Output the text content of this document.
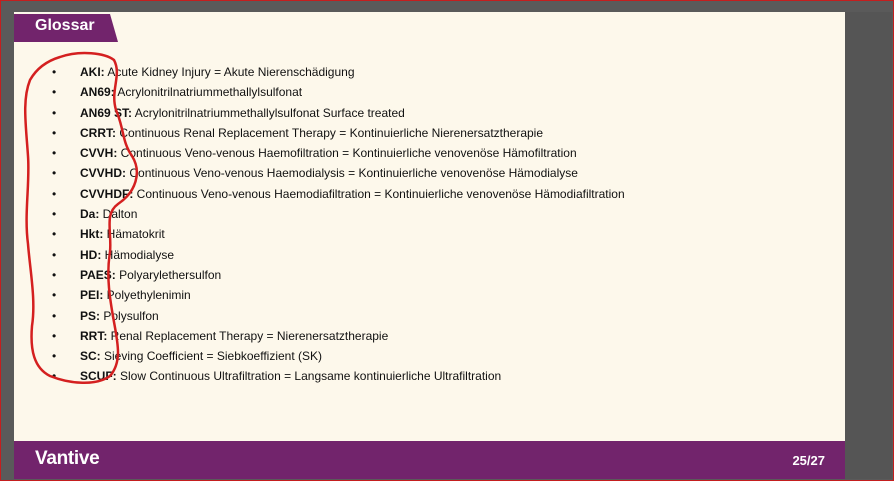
Glossar
• AKI: Acute Kidney Injury = Akute Nierenschädigung
• AN69: Acrylonitrilnatriummethallylsulfonat
• AN69 ST: Acrylonitrilnatriummethallylsulfonat Surface treated
• CRRT: Continuous Renal Replacement Therapy = Kontinuierliche Nierenersatztherapie
• CVVH: Continuous Veno-venous Haemofiltration = Kontinuierliche venovenöse Hämofiltration
• CVVHD: Continuous Veno-venous Haemodialysis = Kontinuierliche venovenöse Hämodialyse
• CVVHDF: Continuous Veno-venous Haemodiafiltration = Kontinuierliche venovenöse Hämodiafiltration
• Da: Dalton
• Hkt: Hämatokrit
• HD: Hämodialyse
• PAES: Polyarylethersulfon
• PEI: Polyethylenimin
• PS: Polysulfon
• RRT: Renal Replacement Therapy = Nierenersatztherapie
• SC: Sieving Coefficient = Siebkoeffizient (SK)
• SCUF: Slow Continuous Ultrafiltration = Langsame kontinuierliche Ultrafiltration
Vantive	25/27
